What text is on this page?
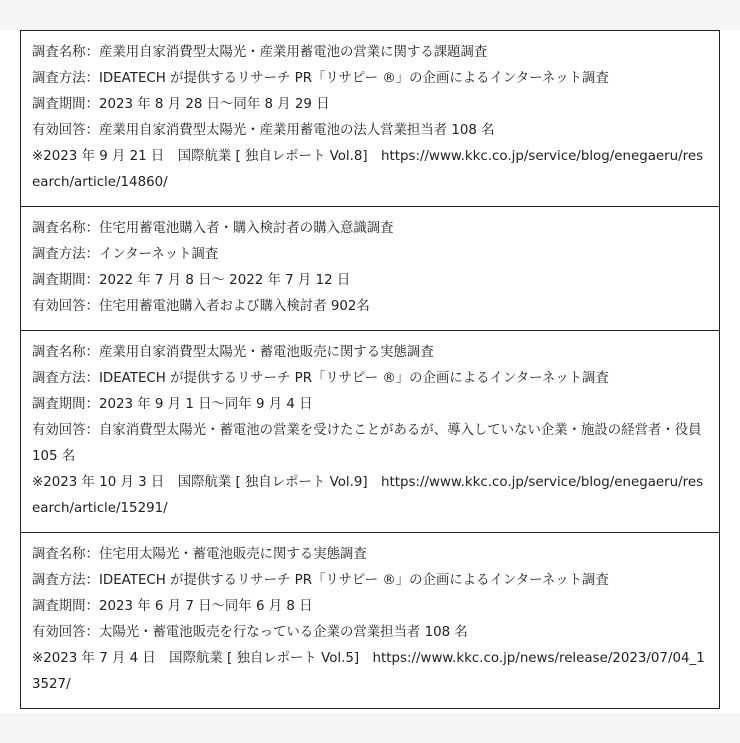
調査名称：産業用自家消費型太陽光・産業用蓄電池の営業に関する課題調査

調査方法：IDEATECH が提供するリサーチ PR「リサピー ®」の企画によるインターネット調査

調査期間：2023 年 8 月 28 日〜同年 8 月 29 日

有効回答：産業用自家消費型太陽光・産業用蓄電池の法人営業担当者 108 名

※2023 年 9 月 21 日　国際航業 [ 独自レポート Vol.8]　https://www.kkc.co.jp/service/blog/enegaeru/research/article/14860/

調査名称：住宅用蓄電池購入者・購入検討者の購入意識調査

調査方法：インターネット調査

調査期間：2022 年 7 月 8 日〜 2022 年 7 月 12 日

有効回答：住宅用蓄電池購入者および購入検討者 902名

調査名称：産業用自家消費型太陽光・蓄電池販売に関する実態調査

調査方法：IDEATECH が提供するリサーチ PR「リサピー ®」の企画によるインターネット調査

調査期間：2023 年 9 月 1 日〜同年 9 月 4 日

有効回答：自家消費型太陽光・蓄電池の営業を受けたことがあるが、導入していない企業・施設の経営者・役員 105 名

※2023 年 10 月 3 日　国際航業 [ 独自レポート Vol.9]　https://www.kkc.co.jp/service/blog/enegaeru/research/article/15291/

調査名称：住宅用太陽光・蓄電池販売に関する実態調査

調査方法：IDEATECH が提供するリサーチ PR「リサピー ®」の企画によるインターネット調査

調査期間：2023 年 6 月 7 日〜同年 6 月 8 日

有効回答：太陽光・蓄電池販売を行なっている企業の営業担当者 108 名

※2023 年 7 月 4 日　国際航業 [ 独自レポート Vol.5]　https://www.kkc.co.jp/news/release/2023/07/04_13527/
